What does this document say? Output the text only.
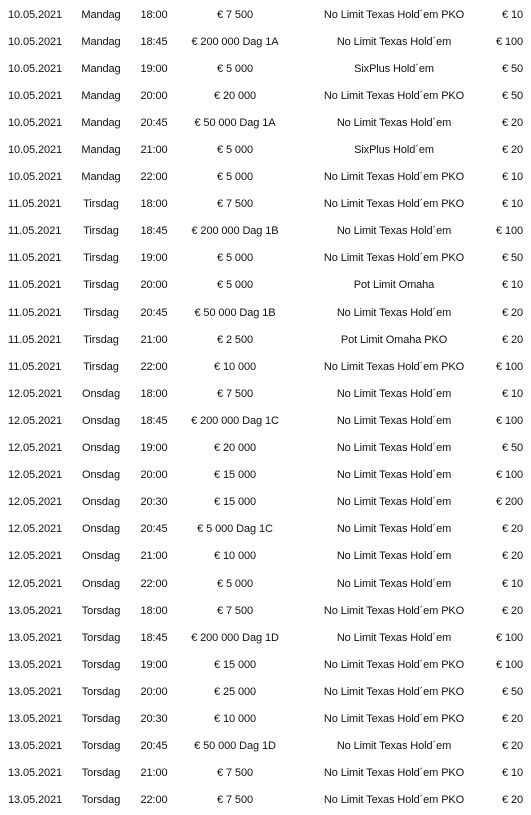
10.05.2021	Mandag	18:00	€ 7 500	No Limit Texas Hold´em PKO	€ 10
10.05.2021	Mandag	18:45	€ 200 000 Dag 1A	No Limit Texas Hold´em	€ 100
10.05.2021	Mandag	19:00	€ 5 000	SixPlus Hold´em	€ 50
10.05.2021	Mandag	20:00	€ 20 000	No Limit Texas Hold´em PKO	€ 50
10.05.2021	Mandag	20:45	€ 50 000 Dag 1A	No Limit Texas Hold´em	€ 20
10.05.2021	Mandag	21:00	€ 5 000	SixPlus Hold´em	€ 20
10.05.2021	Mandag	22:00	€ 5 000	No Limit Texas Hold´em PKO	€ 10
11.05.2021	Tirsdag	18:00	€ 7 500	No Limit Texas Hold´em PKO	€ 10
11.05.2021	Tirsdag	18:45	€ 200 000 Dag 1B	No Limit Texas Hold´em	€ 100
11.05.2021	Tirsdag	19:00	€ 5 000	No Limit Texas Hold´em PKO	€ 50
11.05.2021	Tirsdag	20:00	€ 5 000	Pot Limit Omaha	€ 10
11.05.2021	Tirsdag	20:45	€ 50 000 Dag 1B	No Limit Texas Hold´em	€ 20
11.05.2021	Tirsdag	21:00	€ 2 500	Pot Limit Omaha PKO	€ 20
11.05.2021	Tirsdag	22:00	€ 10 000	No Limit Texas Hold´em PKO	€ 100
12.05.2021	Onsdag	18:00	€ 7 500	No Limit Texas Hold´em	€ 10
12.05.2021	Onsdag	18:45	€ 200 000 Dag 1C	No Limit Texas Hold´em	€ 100
12.05.2021	Onsdag	19:00	€ 20 000	No Limit Texas Hold´em	€ 50
12.05.2021	Onsdag	20:00	€ 15 000	No Limit Texas Hold´em	€ 100
12.05.2021	Onsdag	20:30	€ 15 000	No Limit Texas Hold´em	€ 200
12.05.2021	Onsdag	20:45	€ 5 000 Dag 1C	No Limit Texas Hold´em	€ 20
12.05.2021	Onsdag	21:00	€ 10 000	No Limit Texas Hold´em	€ 20
12.05.2021	Onsdag	22:00	€ 5 000	No Limit Texas Hold´em	€ 10
13.05.2021	Torsdag	18:00	€ 7 500	No Limit Texas Hold´em PKO	€ 20
13.05.2021	Torsdag	18:45	€ 200 000 Dag 1D	No Limit Texas Hold´em	€ 100
13.05.2021	Torsdag	19:00	€ 15 000	No Limit Texas Hold´em PKO	€ 100
13.05.2021	Torsdag	20:00	€ 25 000	No Limit Texas Hold´em PKO	€ 50
13.05.2021	Torsdag	20:30	€ 10 000	No Limit Texas Hold´em PKO	€ 20
13.05.2021	Torsdag	20:45	€ 50 000 Dag 1D	No Limit Texas Hold´em	€ 20
13.05.2021	Torsdag	21:00	€ 7 500	No Limit Texas Hold´em PKO	€ 10
13.05.2021	Torsdag	22:00	€ 7 500	No Limit Texas Hold´em PKO	€ 20
